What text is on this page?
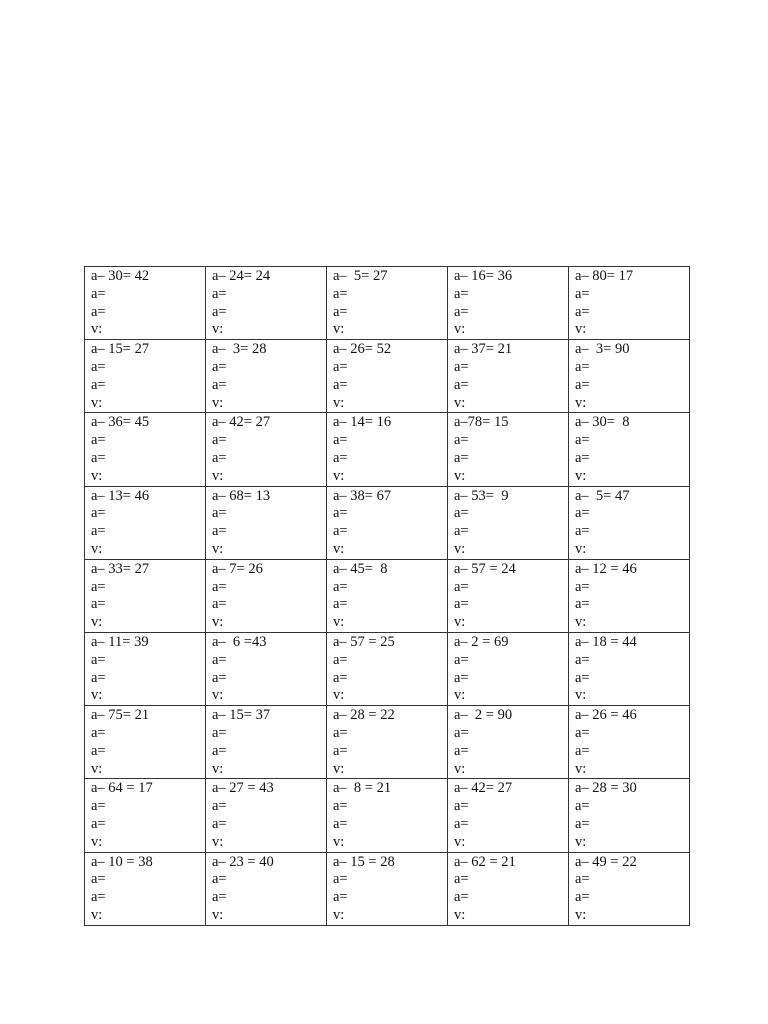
a– 30= 42
a=
a=
v:	a– 24= 24
a=
a=
v:	a–  5= 27
a=
a=
v:	a– 16= 36
a=
a=
v:	a– 80= 17
a=
a=
v:

a– 15= 27
a=
a=
v:	a–  3= 28
a=
a=
v:	a– 26= 52
a=
a=
v:	a– 37= 21
a=
a=
v:	a–  3= 90
a=
a=
v:

a– 36= 45
a=
a=
v:	a– 42= 27
a=
a=
v:	a– 14= 16
a=
a=
v:	a–78= 15
a=
a=
v:	a– 30=  8
a=
a=
v:

a– 13= 46
a=
a=
v:	a– 68= 13
a=
a=
v:	a– 38= 67
a=
a=
v:	a– 53=  9
a=
a=
v:	a–  5= 47
a=
a=
v:

a– 33= 27
a=
a=
v:	a– 7= 26
a=
a=
v:	a– 45=  8
a=
a=
v:	a– 57 = 24
a=
a=
v:	a– 12 = 46
a=
a=
v:

a– 11= 39
a=
a=
v:	a–  6 =43
a=
a=
v:	a– 57 = 25
a=
a=
v:	a– 2 = 69
a=
a=
v:	a– 18 = 44
a=
a=
v:

a– 75= 21
a=
a=
v:	a– 15= 37
a=
a=
v:	a– 28 = 22
a=
a=
v:	a–  2 = 90
a=
a=
v:	a– 26 = 46
a=
a=
v:

a– 64 = 17
a=
a=
v:	a– 27 = 43
a=
a=
v:	a–  8 = 21
a=
a=
v:	a– 42= 27
a=
a=
v:	a– 28 = 30
a=
a=
v:

a– 10 = 38
a=
a=
v:	a– 23 = 40
a=
a=
v:	a– 15 = 28
a=
a=
v:	a– 62 = 21
a=
a=
v:	a– 49 = 22
a=
a=
v:
